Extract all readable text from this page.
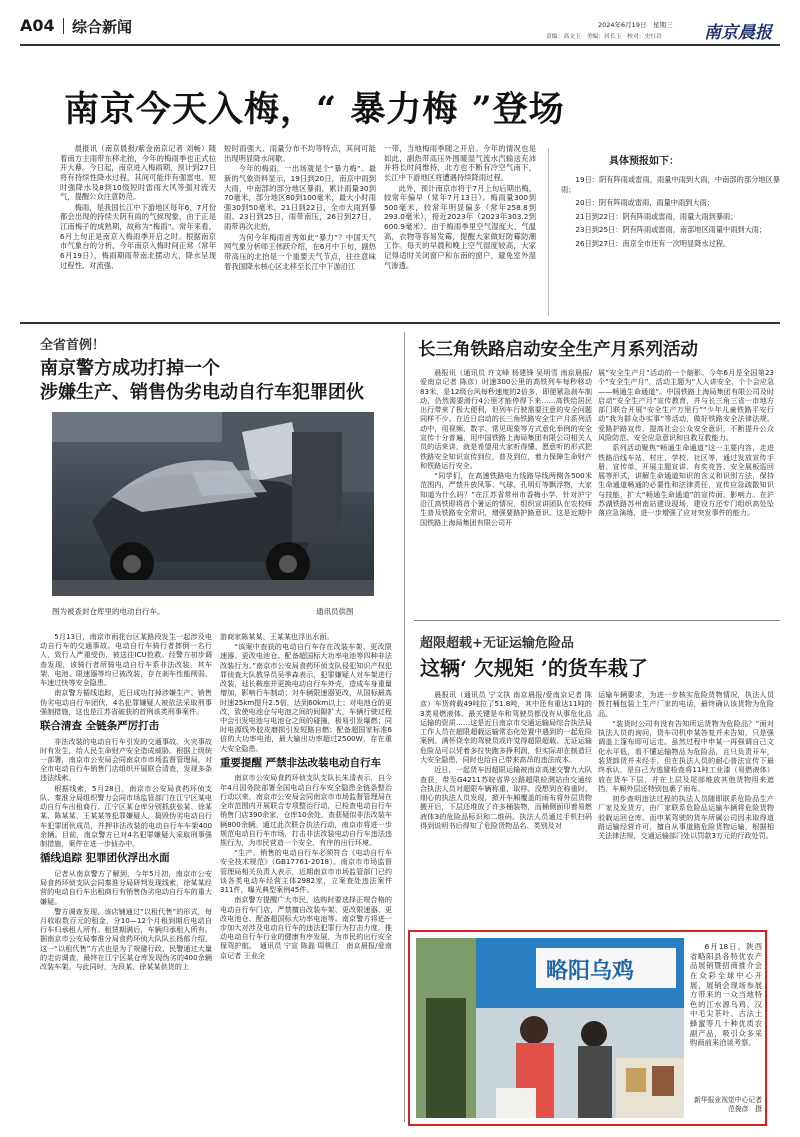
A04 综合新闻	2024年6月19日　星期三
责编：高文玉　美编：居长玉　校对：史红岩 南京晨报
南京今天入梅，“ 暴力梅 ”登场

晨报讯（南京晨报/紫金南京记者 刘畅）随着南方主雨带东移北抬，今年的梅雨季也正式拉开大幕。今日起，南京进入梅雨期，预计到27日将有持续性降水过程，其间可能伴有强雷电、短时强降水及8到10级短时雷雨大风等强对流天气，提醒公众注意防范。

梅雨，是我国长江中下游地区每年6、7月份都会出现的持续天阴有雨的气候现象，由于正是江南梅子的成熟期，故称为“梅雨”。常年来看，6月上旬正是南京入梅雨季开启之时。根据南京市气象台的分析，今年南京入梅时间正常（常年6月19日），梅雨期雨带南北摆动大，降水呈现过程性、对流强、

短时雨强大、雨量分布不均等特点，其间可能出现明显降水间歇。

今年的梅雨，一出场就是个“暴力梅”。最新的气象资料显示，19日到20日，南京中雨到大雨，中南部的部分地区暴雨，累计雨量30到70毫米，部分地区80到100毫米，最大小时雨强30到50毫米。21日到22日，全市大雨到暴雨。23日到25日，雨带南压，26日到27日，雨带再次北抬。

为何今年梅雨首秀如此“暴力”？中国天气网气象分析师王伟跃介绍，在6月中下旬，副热带高压的北抬是一个重要天气节点，往往意味着我国降水核心区北移至长江中下游沿江

一带，当地梅雨季随之开启。今年的情况也是如此，副热带高压外围暖湿气流水汽输送充沛并将长时间维持，北方也不断有冷空气南下，长江中下游地区将遭遇持续降雨过程。

此外，预计南京市将于7月上旬后期出梅，较常年偏早（常年7月13日）。梅雨量300到500毫米，较常年明显偏多（常年258.8到293.0毫米），接近2023年（2023年303.2到600.9毫米）。由于梅雨季里空气湿度大、气温高，衣物等容易发霉，提醒大家做好防霉防潮工作。每天的早晨和晚上空气湿度较高，大家记得适时关闭窗户和东南的窗户，避免室外湿气渗透。

具体预报如下：

19日：阴有阵雨或雷雨，雨量中雨到大雨，中南部的部分地区暴雨；

20日：阴有阵雨或雷雨，雨量中雨到大雨；

21日到22日：阴有阵雨或雷雨，雨量大雨到暴雨；

23日到25日：阴有阵雨或雷雨，南部地区雨量中雨到大雨；

26日到27日：南京全市还有一次明显降水过程。

全省首例！
南京警方成功打掉一个
涉嫌生产、销售伪劣电动自行车犯罪团伙
图为被查封仓库里的电动自行车。	通讯员供图

5月13日，南京市雨花台区某路段发生一起涉及电动自行车的交通事故。电动自行车骑行者摔倒一名行人，致行人严重受伤，被送往ICU抢救。经警方初步调查发现，该骑行者所骑电动自行车系非法改装，其车架、电池、限速器等均已被改装，存在刹车性能削弱、车速过快等安全隐患。

南京警方循线追踪，近日成功打掉涉嫌生产、销售伪劣电动自行车团伙，4名犯罪嫌疑人被依法采取刑事强制措施，这也是江苏省破获的首例该类刑事案件。

联合清查 全链条严厉打击

非法改装的电动自行车引发的交通事故、火灾事故时有发生，给人民生命财产安全造成威胁。根据上级统一部署，南京市公安局会同南京市市场监督管理局，对全市电动自行车销售门店组织开展联合清查，发现多条违法线索。

根据线索，5月28日，南京市公安局食药环侦支队、秦淮分局组织警力会同市场监管部门在江宁区某电动自行车出租商行、江宁区某仓库分别抓获张某、徐某某、陈某某、王某某等犯罪嫌疑人，捣毁伪劣电动自行车犯罪团伙成员，并押非法改装的电动自行车车架400余辆。目前，南京警方已对4名犯罪嫌疑人采取刑事强制措施，案件在进一步侦办中。

循线追踪 犯罪团伙浮出水面

记者从南京警方了解到，今年5月初，南京市公安局食药环侦支队会同秦淮分局研判发现线索，徐某某经营的电动自行车出租商行有销售伪劣电动自行车的重大嫌疑。

警方调查发现，该店铺通过“以租代售”的形式，每月收取数百元的租金，分10—12个月租到期后电动自行车归承租人所有。租赁期满后，车辆归承租人所有。据南京市公安局秦淮分局食药环侦大队队长杨郁介绍，这一“以租代售”方式也是为了规避行政、民警通过大量的走访调查，最终在江宁区某仓库发现伪劣的400余辆改装车架。与此同时，为段某、徐某某供货的上

游商家陈某某、王某某也浮出水面。

“该案中查获的电动自行车存在改装车架、更改限速器、更改电池仓、配备超国标大功率电池等四种非法改装行为。”南京市公安局食药环侦支队侵犯知识产权犯罪侦查大队教导员吴季森表示，犯罪嫌疑人对车架进行改装，延长鞍座并更换电动自行车外壳，造成车身重量增加，影响行车制动；对车辆限速器更改，从国标最高时速25km提升2.5倍，达到60km以上；对电池仓的更改，致使电池仓与电池之间的间隙扩大，车辆行驶过程中会引发电池与电池仓之间的碰撞，极易引发爆燃；同时电源线外胶皮磨损引发短路自燃；配备超国家标准6倍的大功率电池，最大输出功率超过2500W，存在重大安全隐患。

重要提醒 严禁非法改装电动自行车

南京市公安局食药环侦支队支队长朱清表示，自今年4月国务院部署全国电动自行车安全隐患全链条整治行动以来，南京市公安局会同南京市市场监督管理局在全市范围内开展联合专项整治行动，已检查电动自行车销售门店390余家，仓库10余处，查获疑似非法改装车辆800余辆。通过此次联合执法行动，南京市将进一步规范电动自行车市场，打击非法改装电动自行车违法违规行为，为市民营造一个安全、有序的出行环境。

“生产、销售的电动自行车必须符合《电动自行车安全技术规范》（GB17761-2018）。南京市市场监督管理局相关负责人表示，近期南京市市场监管部门已约谈各类电动车经营主体2982家，立案查处违法案件311件，曝光典型案例45件。

南京警方提醒广大市民，选购时要选择正规合格的电动自行车门店，严禁擅自改装车架、更改限速器、更改电池仓、配备超国标大功率电池等。南京警方将进一步加大对涉及电动自行车的违法犯罪行为打击力度，推动电动自行车行业的健康有序发展，为市民的出行安全保驾护航。　通讯员 宁宣 陈磊 周桃江　南京晨报/爱南京记者 王业全

长三角铁路启动安全生产月系列活动

晨报讯（通讯员 许文峰 杨建锋 吴明雪 南京晨报/爱南京记者 陈彦）时速300公里的高铁列车每秒移动83米，是12级台风每秒速度的2倍多，即便紧急刹车制动，仍然需要滑行4公里才能停得下来……高铁给居民出行带来了极大便利，但列车行驶需要注意的安全问题同样不少。在近日启动的长三角铁路安全生产月系列活动中，用视频、数字、常见现象等方式意化举例的安全宣传十分普遍，用中国铁路上海局集团有限公司相关人员的话来讲，就是希望用大家听得懂、愿意听的形式把铁路安全知识宣传到位，普及到位，着力保障生命财产和铁路运行安全。

“同学们，在高速铁路电力线路导线两侧各500米范围内，严禁升放风筝、气球、孔明灯等飘浮物，大家知道为什么吗？”在江苏省常州市香梅小学，针对沪宁沿江高铁即将首个暑运的情况，组织宣讲团队在农校师生普及铁路安全常识，增强要路护路意识。这是近期中国铁路上海局集团有限公司开

展“安全生产月”活动的一个缩影。今年6月是全国第23个“安全生产月”，活动主题为“人人讲安全、个个会应急——畅通生命通道”。中国铁路上海局集团有限公司及时启动“安全生产月”宣传教育，并与长三角三省一市地方部门联合开展“安全生产万里行”“少年儿童铁路平安行动”我为群众办实事“等活动，做好铁路安全法律法规、爱路护路宣传，提高社会公众安全意识，不断提升公众风险防范、安全应急意识和自救互救能力。

系列活动聚焦“畅通生命通道”这一主要内容，走进铁路沿线车站、村庄、学校、社区等，通过发放宣传手册、宣传单，开展主题宣讲、有奖竞答、安全展板巡回展等形式，讲解生命通道知识的含义和识别方法，保持生命通道畅通的必要性和法律责任，宣传应急疏散知识与技能，扩大“畅通生命通道”的宣传面、影响力。在沪苏湖铁路苏州南站建设现场，建设方还专门组织高处坠落应急演练，进一步增强了应对突发事件的能力。

超限超载+无证运输危险品
这辆‘ 欠规矩 ’的货车栽了

晨报讯（通讯员 宁文执 南京晨报/爱南京记者 陈彦）车货荷载49吨拉了51.8吨，其中还有重达11吨的3类易燃液体。最关键是车和驾驶员都没有从事危化品运输的资质……这是近日南京市交通运输局综合执法局工作人员在超限超载运输常态化处置中遇到的一起危险案例。满怀侥幸的驾驶员或许觉得超限超载、无证运输危险品可以凭着多拉快跑多挣利润，但实际却在制造巨大安全隐患，同时也给自己带来高昂的违法成本。

近日，一起货车因超限运输被南京高速交警九大队查获，带至G4211苏皖省界公路超限检测站由交通综合执法人员对超限车辆称重、取样。没想到在称重时，细心的执法人员发现，掀开车厢覆盖的雨布将外层货物搬开后，下层还堆放了许多桶装物，而桶侧面印着易燃液体3的危险品标识和二维码。执法人员通过手机扫码得到说明书后得知了危险货物品名、类别及对

运输车辆要求，为进一步核实危险货物情况，执法人员拨打桶包装上生产厂家的电话，最终确认该货物为危险品。

“装货时公司有没有告知所运货物为危险品？”面对执法人员的询问，货车司机申某答复并未告知，只是强调盖上篷布即可运走。虽然过程中申某一再强调自己文化水平低，看不懂运输物品为危险品，且只负责开车，装货卸货并未经手，但在执法人员的耐心普法宣传下最终承认，是自己为逃避检查将11吨工业漆（易燃液体）放在货车下层，并在上层及尾部堆放其他货物用来遮挡，车厢外层还特别包裹了雨布。

初步查明违法过程的执法人员随即联系危险品生产厂家及发货方，由厂家联系危险品运输车辆将危险货物驳载运回仓库。而申某驾驶的货车所属公司因未取得道路运输经营许可，擅自从事道路危险货物运输，根据相关法律法规，交通运输部门处以罚款3万元的行政处罚。

略阳乌鸡

6月18日，陕西省略阳县各特优农产品展销暨招商推介会在众彩全球中心开展，展销会现场参展方带来的一众当地特色的江水源乌鸡、汉中毛尖茶叶、古法土蜂蜜等几十种优质农副产品，吸引众多采购商前来洽谈考察。

新华报业视觉中心记者　范俊彦　摄
